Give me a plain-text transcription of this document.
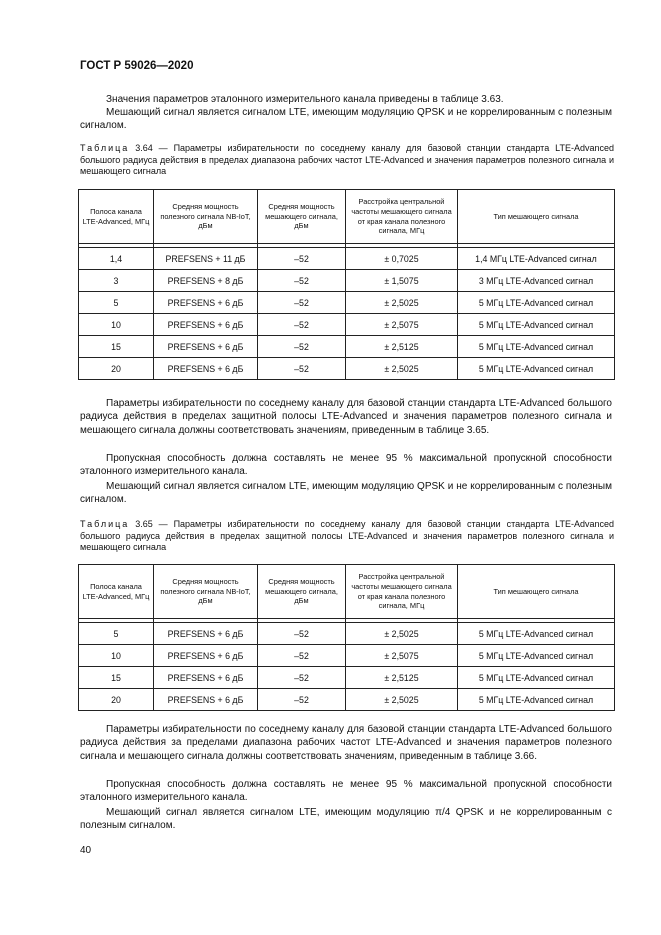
ГОСТ Р 59026—2020

Значения параметров эталонного измерительного канала приведены в таблице 3.63.

Мешающий сигнал является сигналом LTE, имеющим модуляцию QPSK и не коррелированным с полезным сигналом.

Таблица 3.64 — Параметры избирательности по соседнему каналу для базовой станции стандарта LTE-Advanced большого радиуса действия в пределах диапазона рабочих частот LTE-Advanced и значения параметров полезного сигнала и мешающего сигнала

Полоса канала LTE-Advanced, МГц	Средняя мощность полезного сигнала NB-IoT, дБм	Средняя мощность мешающего сигнала, дБм	Расстройка центральной частоты мешающего сигнала от края канала полезного сигнала, МГц	Тип мешающего сигнала

1,4	PREFSENS + 11 дБ	–52	± 0,7025	1,4 МГц LTE-Advanced сигнал
3	PREFSENS + 8 дБ	–52	± 1,5075	3 МГц LTE-Advanced сигнал
5	PREFSENS + 6 дБ	–52	± 2,5025	5 МГц LTE-Advanced сигнал
10	PREFSENS + 6 дБ	–52	± 2,5075	5 МГц LTE-Advanced сигнал
15	PREFSENS + 6 дБ	–52	± 2,5125	5 МГц LTE-Advanced сигнал
20	PREFSENS + 6 дБ	–52	± 2,5025	5 МГц LTE-Advanced сигнал

Параметры избирательности по соседнему каналу для базовой станции стандарта LTE-Advanced большого радиуса действия в пределах защитной полосы LTE-Advanced и значения параметров полезного сигнала и мешающего сигнала должны соответствовать значениям, приведенным в таблице 3.65.

Пропускная способность должна составлять не менее 95 % максимальной пропускной способности эталонного измерительного канала.

Мешающий сигнал является сигналом LTE, имеющим модуляцию QPSK и не коррелированным с полезным сигналом.

Таблица 3.65 — Параметры избирательности по соседнему каналу для базовой станции стандарта LTE-Advanced большого радиуса действия в пределах защитной полосы LTE-Advanced и значения параметров полезного сигнала и мешающего сигнала

Полоса канала LTE-Advanced, МГц	Средняя мощность полезного сигнала NB-IoT, дБм	Средняя мощность мешающего сигнала, дБм	Расстройка центральной частоты мешающего сигнала от края канала полезного сигнала, МГц	Тип мешающего сигнала

5	PREFSENS + 6 дБ	–52	± 2,5025	5 МГц LTE-Advanced сигнал
10	PREFSENS + 6 дБ	–52	± 2,5075	5 МГц LTE-Advanced сигнал
15	PREFSENS + 6 дБ	–52	± 2,5125	5 МГц LTE-Advanced сигнал
20	PREFSENS + 6 дБ	–52	± 2,5025	5 МГц LTE-Advanced сигнал

Параметры избирательности по соседнему каналу для базовой станции стандарта LTE-Advanced большого радиуса действия за пределами диапазона рабочих частот LTE-Advanced и значения параметров полезного сигнала и мешающего сигнала должны соответствовать значениям, приведенным в таблице 3.66.

Пропускная способность должна составлять не менее 95 % максимальной пропускной способности эталонного измерительного канала.

Мешающий сигнал является сигналом LTE, имеющим модуляцию π/4 QPSK и не коррелированным с полезным сигналом.

40
